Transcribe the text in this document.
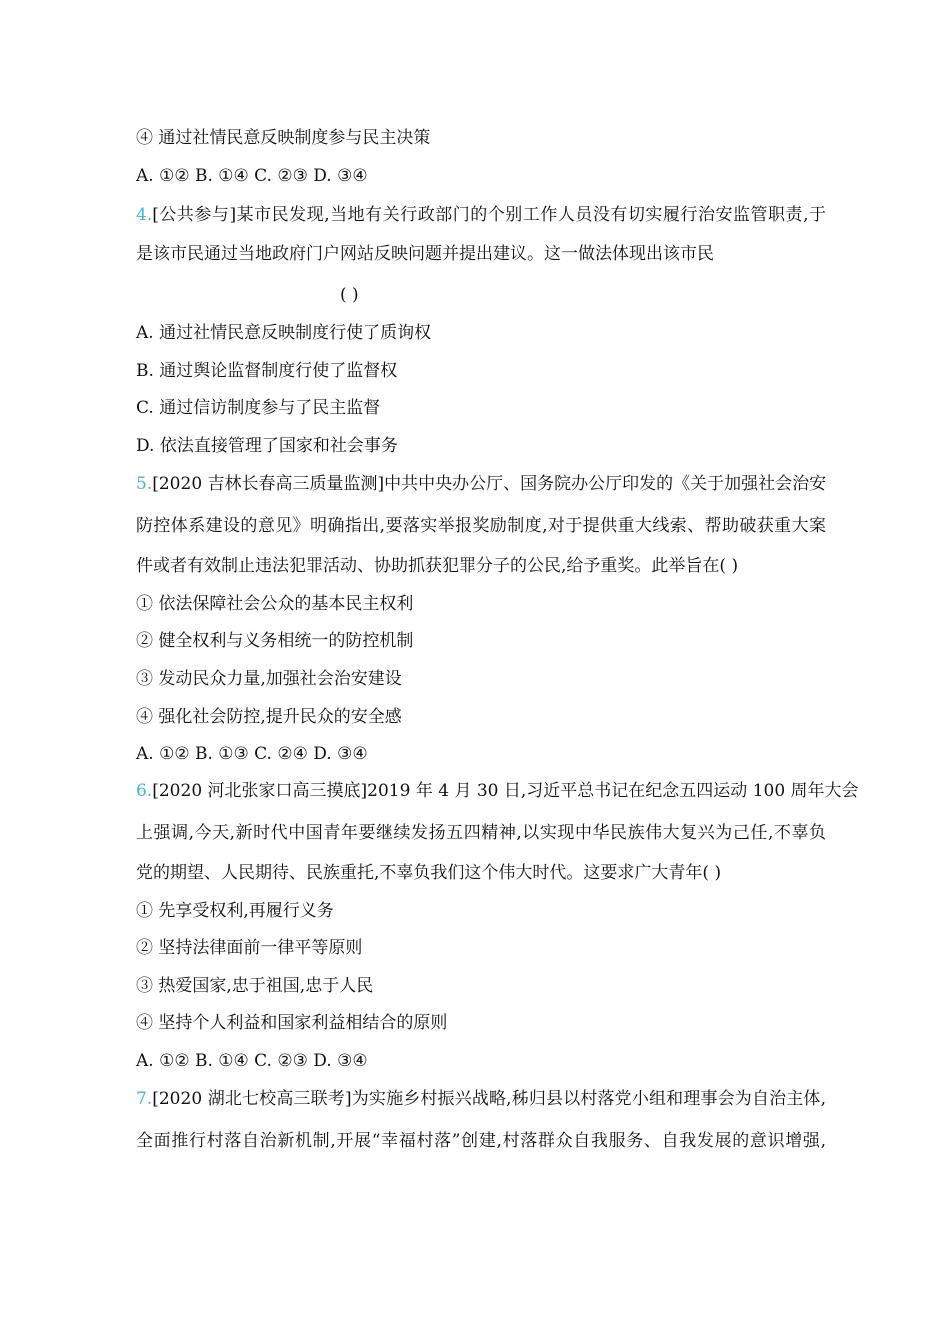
④ 通过社情民意反映制度参与民主决策
A. ①② B. ①④ C. ②③ D. ③④
4.[公共参与]某市民发现,当地有关行政部门的个别工作人员没有切实履行治安监管职责,于
是该市民通过当地政府门户网站反映问题并提出建议。这一做法体现出该市民
( )
A. 通过社情民意反映制度行使了质询权
B. 通过舆论监督制度行使了监督权
C. 通过信访制度参与了民主监督
D. 依法直接管理了国家和社会事务
5.[2020 吉林长春高三质量监测]中共中央办公厅、国务院办公厅印发的《关于加强社会治安
防控体系建设的意见》明确指出,要落实举报奖励制度,对于提供重大线索、帮助破获重大案
件或者有效制止违法犯罪活动、协助抓获犯罪分子的公民,给予重奖。此举旨在( )
① 依法保障社会公众的基本民主权利
② 健全权利与义务相统一的防控机制
③ 发动民众力量,加强社会治安建设
④ 强化社会防控,提升民众的安全感
A. ①② B. ①③ C. ②④ D. ③④
6.[2020 河北张家口高三摸底]2019 年 4 月 30 日,习近平总书记在纪念五四运动 100 周年大会
上强调,今天,新时代中国青年要继续发扬五四精神,以实现中华民族伟大复兴为己任,不辜负
党的期望、人民期待、民族重托,不辜负我们这个伟大时代。这要求广大青年( )
① 先享受权利,再履行义务
② 坚持法律面前一律平等原则
③ 热爱国家,忠于祖国,忠于人民
④ 坚持个人利益和国家利益相结合的原则
A. ①② B. ①④ C. ②③ D. ③④
7.[2020 湖北七校高三联考]为实施乡村振兴战略,秭归县以村落党小组和理事会为自治主体,
全面推行村落自治新机制,开展“幸福村落”创建,村落群众自我服务、自我发展的意识增强,
